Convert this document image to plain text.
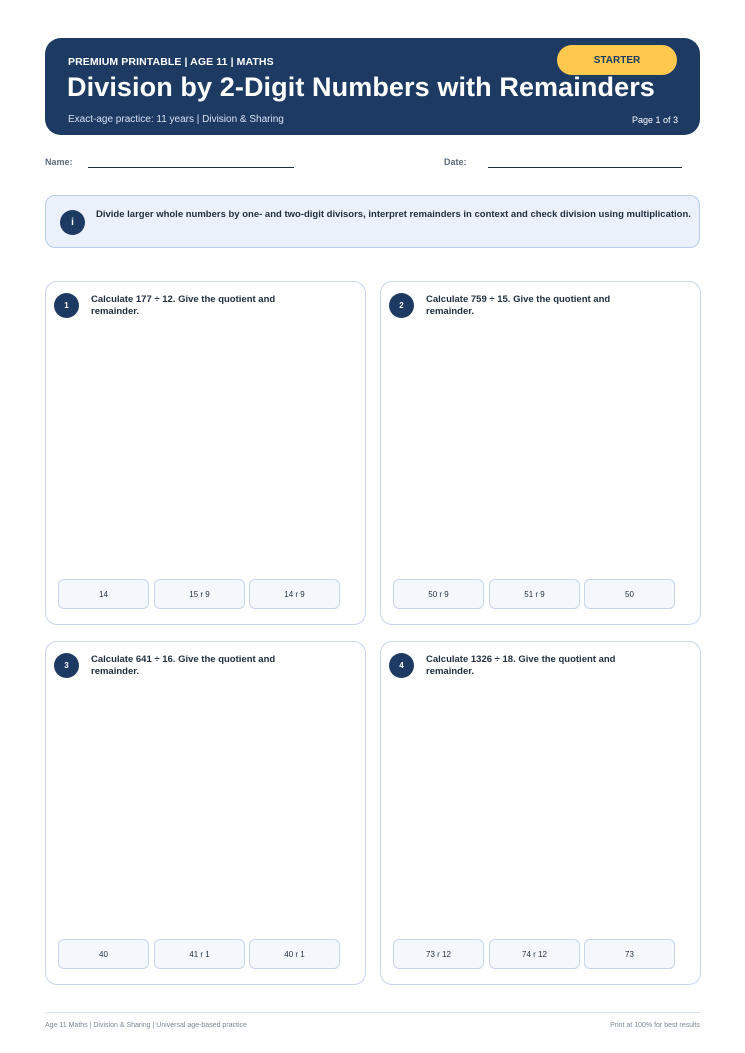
PREMIUM PRINTABLE | AGE 11 | MATHS	STARTER
Division by 2-Digit Numbers with Remainders
Exact-age practice: 11 years | Division & Sharing	Page 1 of 3
Name:	Date:
i
Divide larger whole numbers by one- and two-digit divisors, interpret remainders in context and check division using multiplication.
1
Calculate 177 ÷ 12. Give the quotient and remainder.
14	15 r 9	14 r 9
2
Calculate 759 ÷ 15. Give the quotient and remainder.
50 r 9	51 r 9	50
3
Calculate 641 ÷ 16. Give the quotient and remainder.
40	41 r 1	40 r 1
4
Calculate 1326 ÷ 18. Give the quotient and remainder.
73 r 12	74 r 12	73
Age 11 Maths | Division & Sharing | Universal age-based practice	Print at 100% for best results
